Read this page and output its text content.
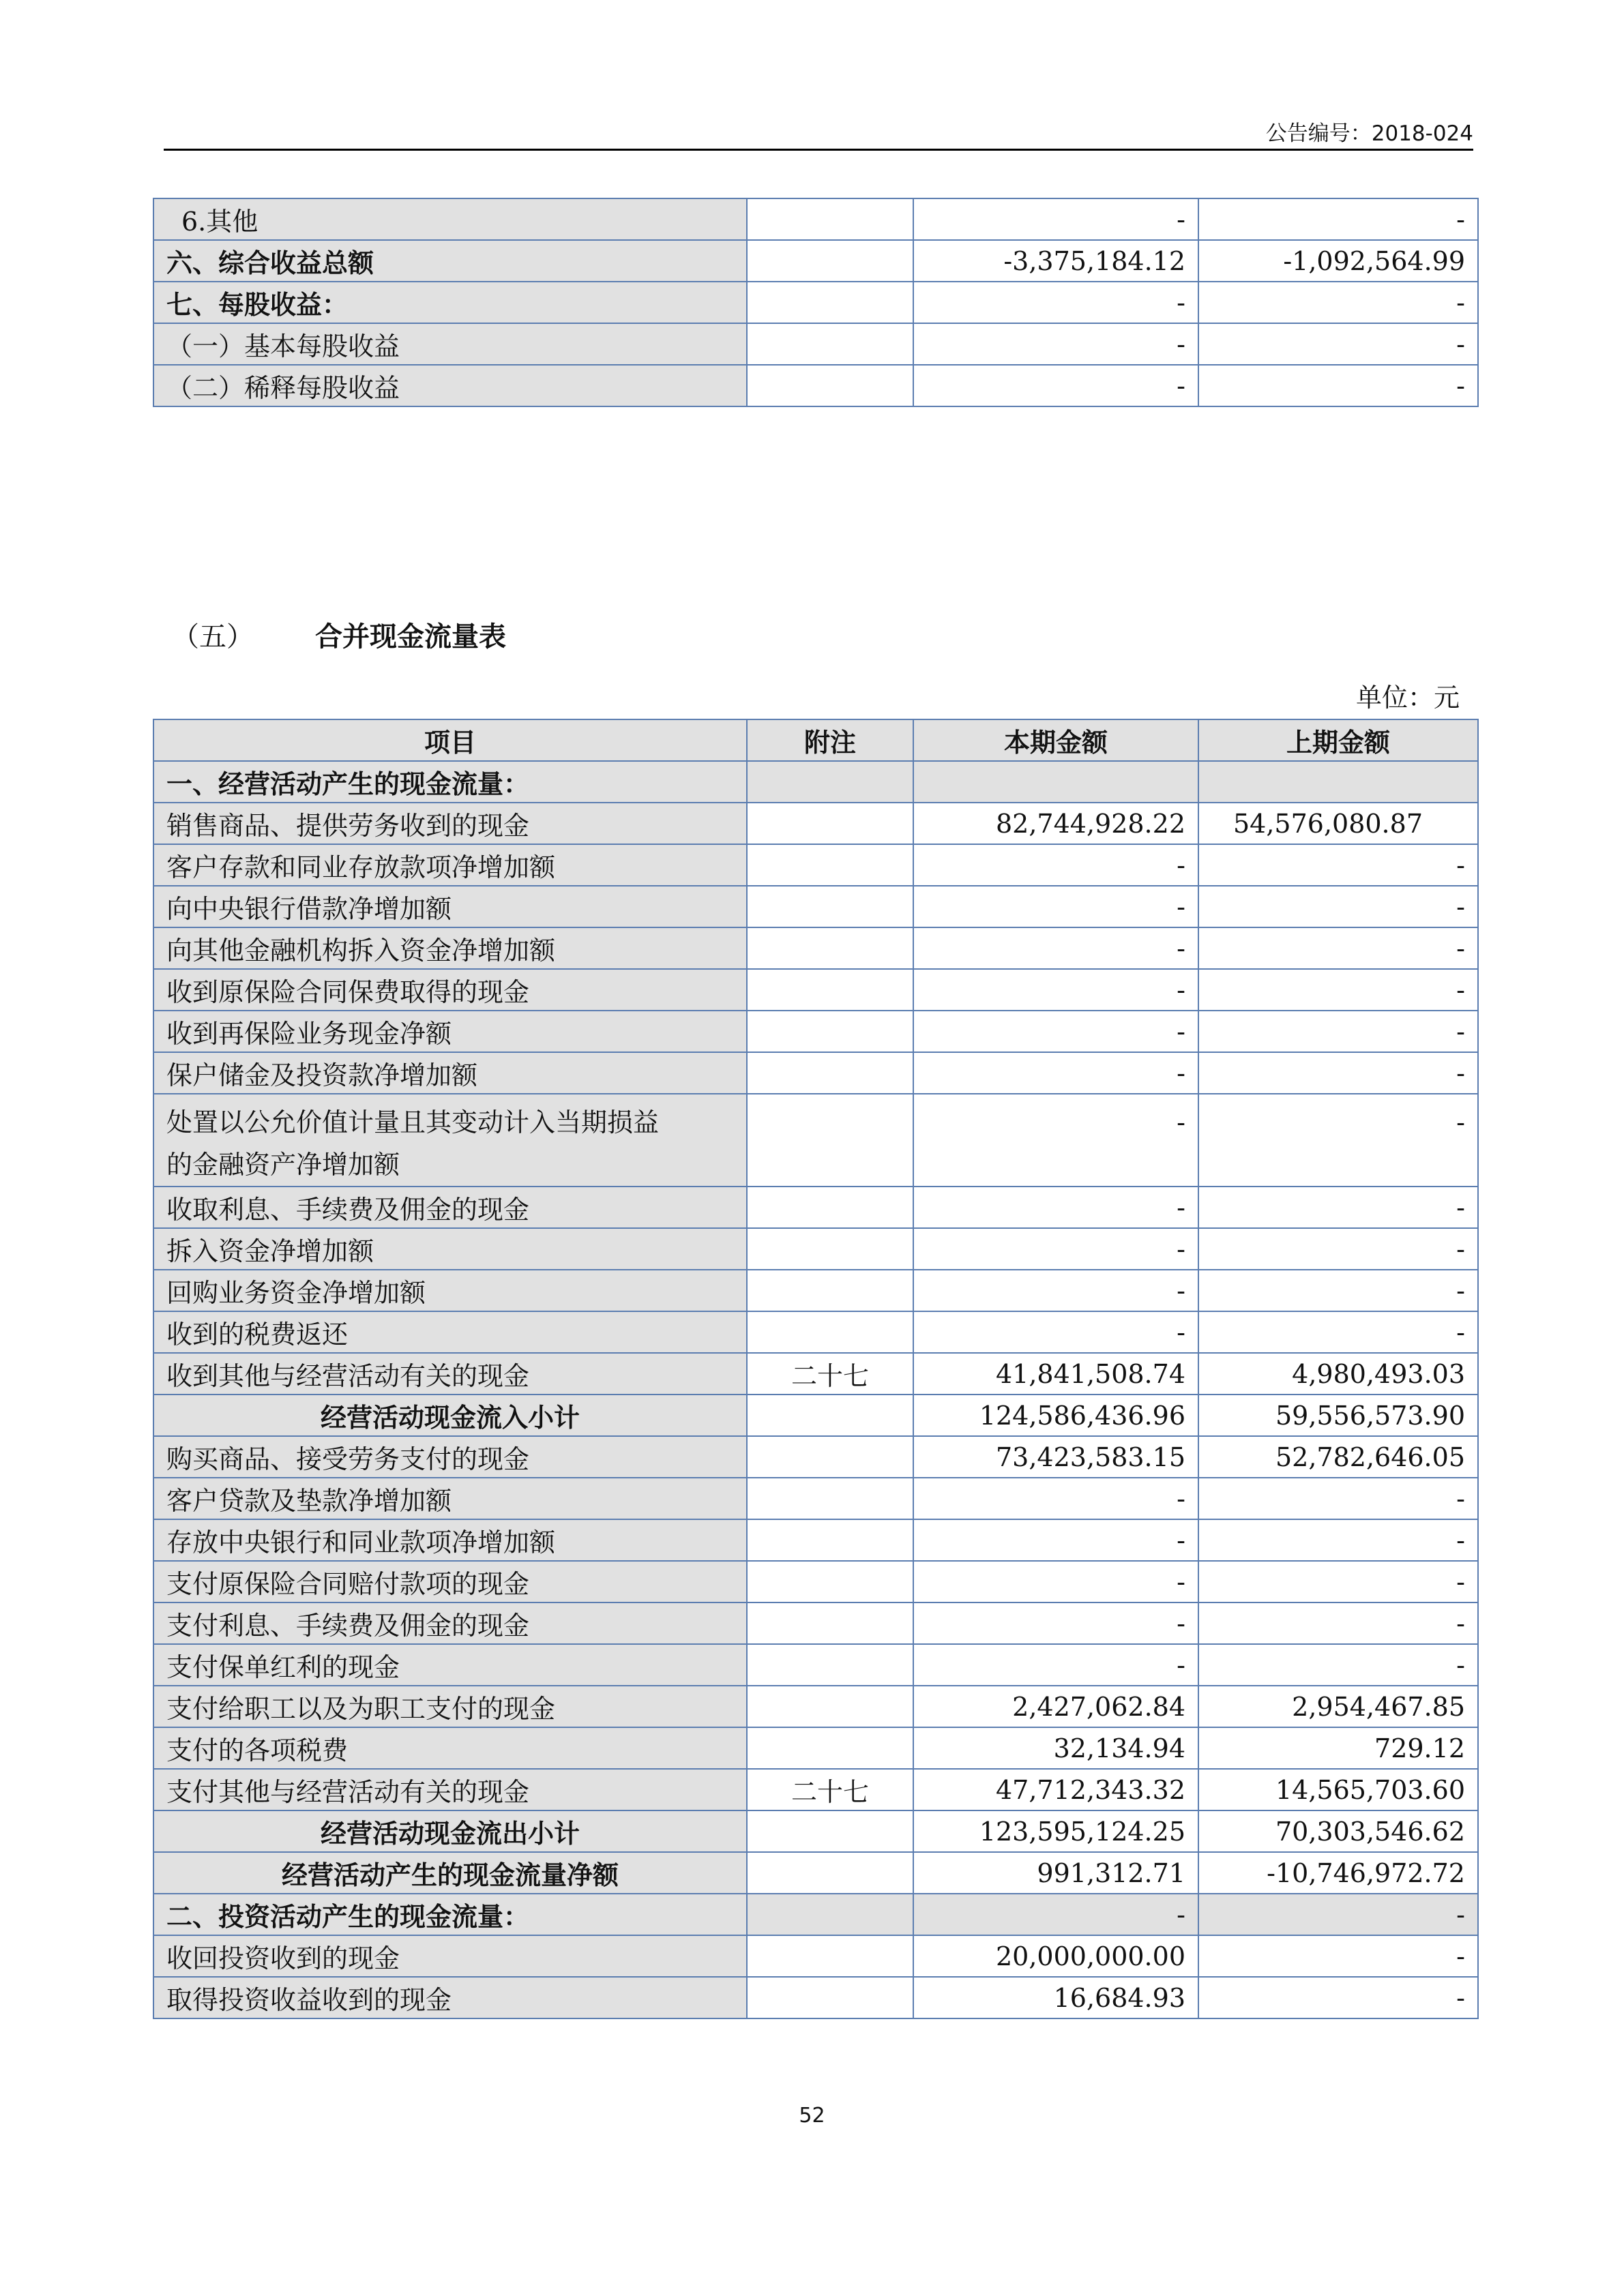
公告编号：2018-024
6.其他		-	-
六、综合收益总额		-3,375,184.12	-1,092,564.99
七、每股收益：		-	-
（一）基本每股收益		-	-
（二）稀释每股收益		-	-
（五） 合并现金流量表
单位：元
项目	附注	本期金额	上期金额
一、经营活动产生的现金流量：			
销售商品、提供劳务收到的现金		82,744,928.22	54,576,080.87
客户存款和同业存放款项净增加额		-	-
向中央银行借款净增加额		-	-
向其他金融机构拆入资金净增加额		-	-
收到原保险合同保费取得的现金		-	-
收到再保险业务现金净额		-	-
保户储金及投资款净增加额		-	-
处置以公允价值计量且其变动计入当期损益
的金融资产净增加额		-	-
收取利息、手续费及佣金的现金		-	-
拆入资金净增加额		-	-
回购业务资金净增加额		-	-
收到的税费返还		-	-
收到其他与经营活动有关的现金	二十七	41,841,508.74	4,980,493.03
经营活动现金流入小计		124,586,436.96	59,556,573.90
购买商品、接受劳务支付的现金		73,423,583.15	52,782,646.05
客户贷款及垫款净增加额		-	-
存放中央银行和同业款项净增加额		-	-
支付原保险合同赔付款项的现金		-	-
支付利息、手续费及佣金的现金		-	-
支付保单红利的现金		-	-
支付给职工以及为职工支付的现金		2,427,062.84	2,954,467.85
支付的各项税费		32,134.94	729.12
支付其他与经营活动有关的现金	二十七	47,712,343.32	14,565,703.60
经营活动现金流出小计		123,595,124.25	70,303,546.62
经营活动产生的现金流量净额		991,312.71	-10,746,972.72
二、投资活动产生的现金流量：		-	-
收回投资收到的现金		20,000,000.00	-
取得投资收益收到的现金		16,684.93	-
52
